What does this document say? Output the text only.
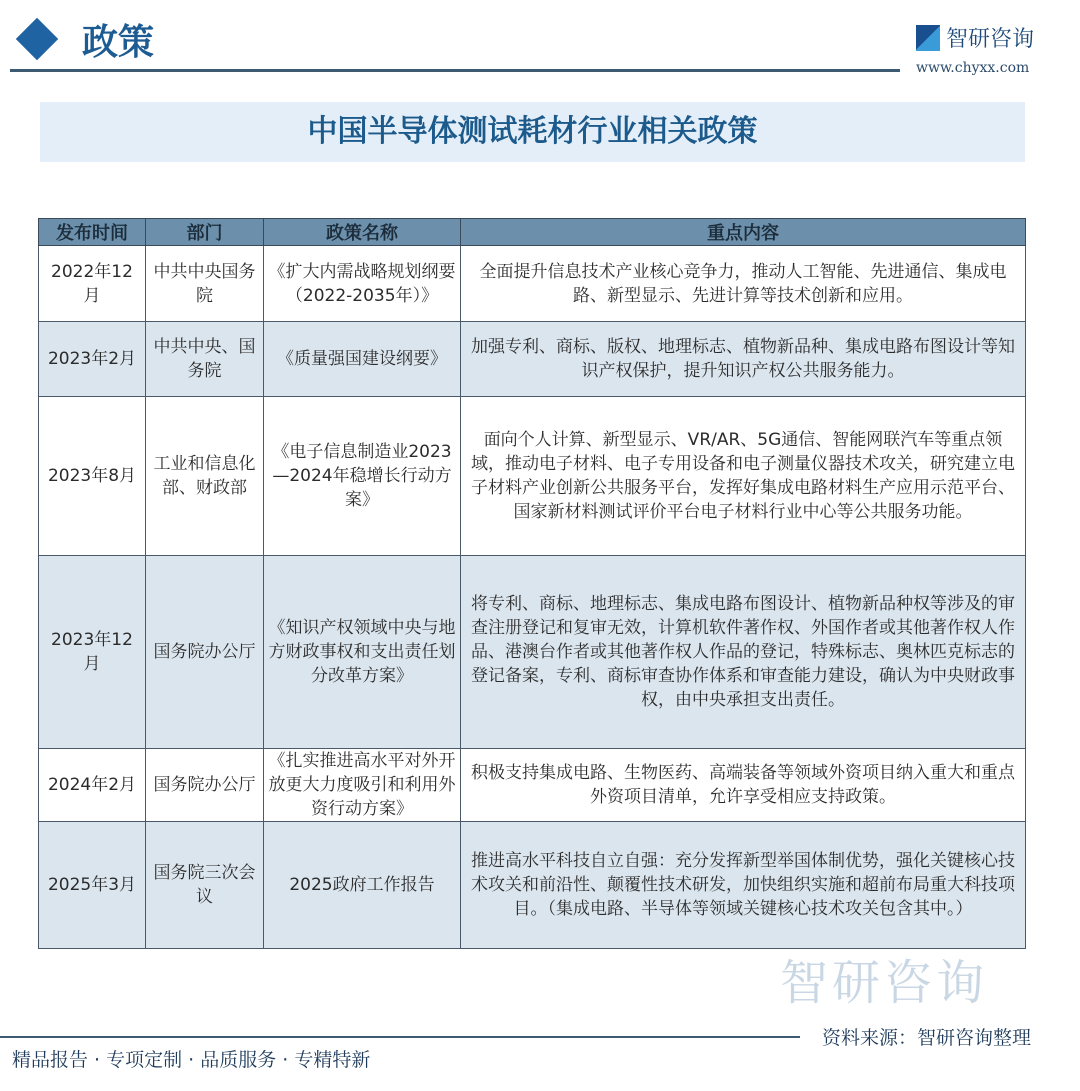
政策	智研咨询
www.chyxx.com
中国半导体测试耗材行业相关政策
发布时间	部门	政策名称	重点内容
2022年12月	中共中央国务院	《扩大内需战略规划纲要（2022-2035年）》	全面提升信息技术产业核心竞争力，推动人工智能、先进通信、集成电路、新型显示、先进计算等技术创新和应用。
2023年2月	中共中央、国务院	《质量强国建设纲要》	加强专利、商标、版权、地理标志、植物新品种、集成电路布图设计等知识产权保护，提升知识产权公共服务能力。
2023年8月	工业和信息化部、财政部	《电子信息制造业2023—2024年稳增长行动方案》	面向个人计算、新型显示、VR/AR、5G通信、智能网联汽车等重点领域，推动电子材料、电子专用设备和电子测量仪器技术攻关，研究建立电子材料产业创新公共服务平台，发挥好集成电路材料生产应用示范平台、国家新材料测试评价平台电子材料行业中心等公共服务功能。
2023年12月	国务院办公厅	《知识产权领域中央与地方财政事权和支出责任划分改革方案》	将专利、商标、地理标志、集成电路布图设计、植物新品种权等涉及的审查注册登记和复审无效，计算机软件著作权、外国作者或其他著作权人作品、港澳台作者或其他著作权人作品的登记，特殊标志、奥林匹克标志的登记备案，专利、商标审查协作体系和审查能力建设，确认为中央财政事权，由中央承担支出责任。
2024年2月	国务院办公厅	《扎实推进高水平对外开放更大力度吸引和利用外资行动方案》	积极支持集成电路、生物医药、高端装备等领域外资项目纳入重大和重点外资项目清单，允许享受相应支持政策。
2025年3月	国务院三次会议	2025政府工作报告	推进高水平科技自立自强：充分发挥新型举国体制优势，强化关键核心技术攻关和前沿性、颠覆性技术研发，加快组织实施和超前布局重大科技项目。（集成电路、半导体等领域关键核心技术攻关包含其中。）
智研咨询
精品报告 · 专项定制 · 品质服务 · 专精特新
资料来源：智研咨询整理
